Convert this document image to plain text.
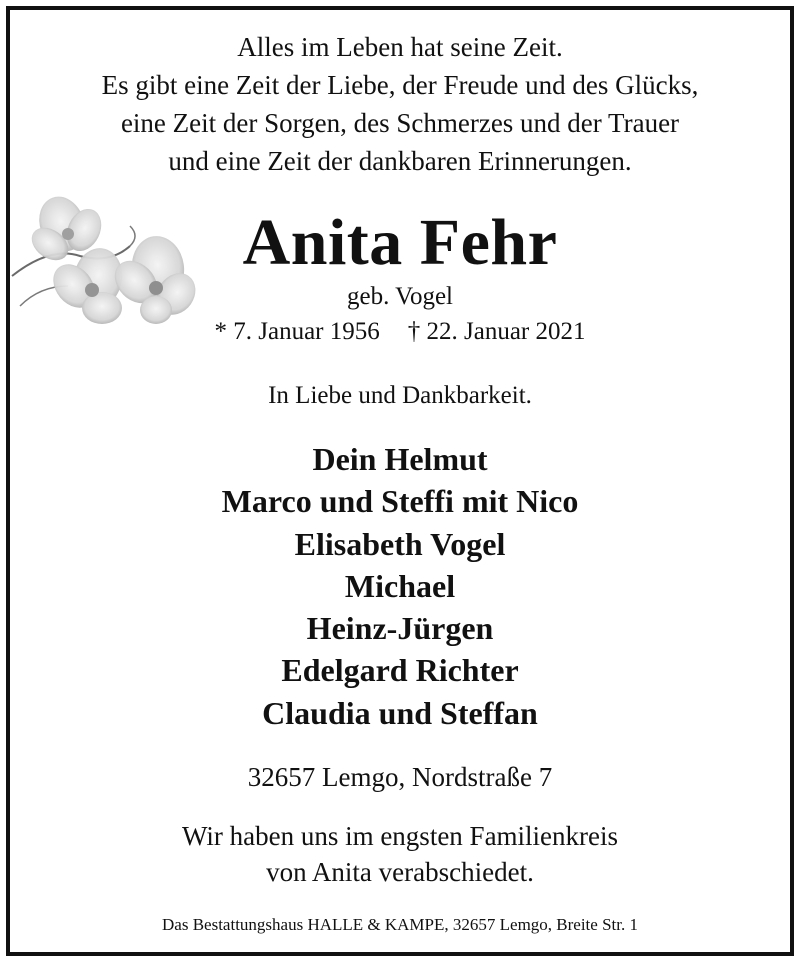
Alles im Leben hat seine Zeit.
Es gibt eine Zeit der Liebe, der Freude und des Glücks,
eine Zeit der Sorgen, des Schmerzes und der Trauer
und eine Zeit der dankbaren Erinnerungen.
Anita Fehr
geb. Vogel
* 7. Januar 1956 † 22. Januar 2021
In Liebe und Dankbarkeit.
Dein Helmut
Marco und Steffi mit Nico
Elisabeth Vogel
Michael
Heinz-Jürgen
Edelgard Richter
Claudia und Steffan
32657 Lemgo, Nordstraße 7
Wir haben uns im engsten Familienkreis
von Anita verabschiedet.
Das Bestattungshaus HALLE & KAMPE, 32657 Lemgo, Breite Str. 1
